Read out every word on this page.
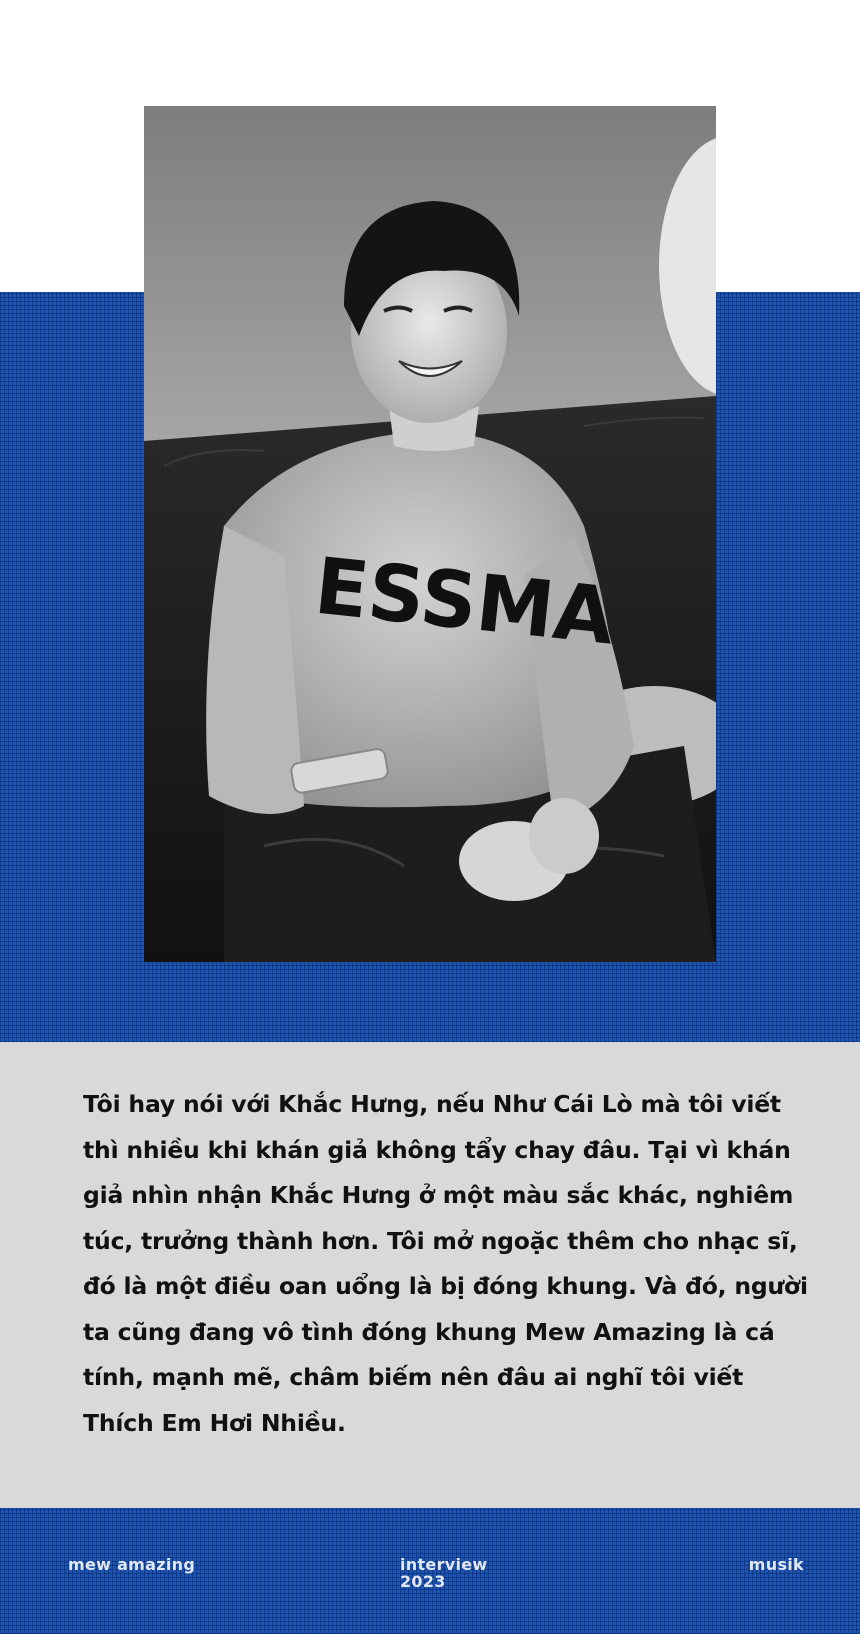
ESSMA

Tôi hay nói với Khắc Hưng, nếu Như Cái Lò mà tôi viết thì nhiều khi khán giả không tẩy chay đâu. Tại vì khán giả nhìn nhận Khắc Hưng ở một màu sắc khác, nghiêm túc, trưởng thành hơn. Tôi mở ngoặc thêm cho nhạc sĩ, đó là một điều oan uổng là bị đóng khung. Và đó, người ta cũng đang vô tình đóng khung Mew Amazing là cá tính, mạnh mẽ, châm biếm nên đâu ai nghĩ tôi viết Thích Em Hơi Nhiều.

mew amazing	interview
2023
musik
